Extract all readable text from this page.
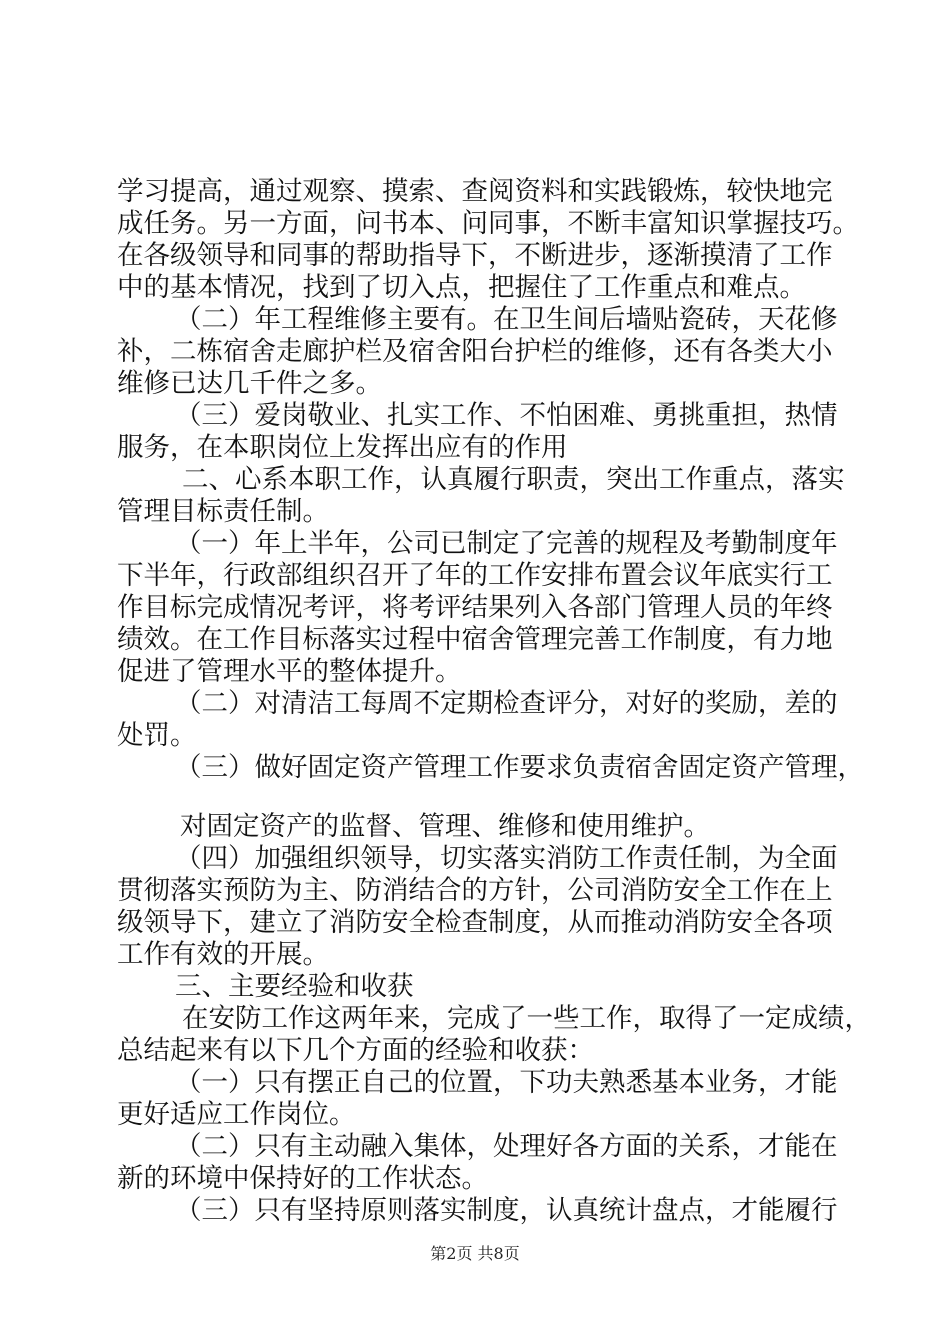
学习提高，通过观察、摸索、查阅资料和实践锻炼，较快地完
成任务。另一方面，问书本、问同事，不断丰富知识掌握技巧。
在各级领导和同事的帮助指导下，不断进步，逐渐摸清了工作
中的基本情况，找到了切入点，把握住了工作重点和难点。
（二）年工程维修主要有。在卫生间后墙贴瓷砖，天花修
补，二栋宿舍走廊护栏及宿舍阳台护栏的维修，还有各类大小
维修已达几千件之多。
（三）爱岗敬业、扎实工作、不怕困难、勇挑重担，热情
服务，在本职岗位上发挥出应有的作用
二、心系本职工作，认真履行职责，突出工作重点，落实
管理目标责任制。
（一）年上半年，公司已制定了完善的规程及考勤制度年
下半年，行政部组织召开了年的工作安排布置会议年底实行工
作目标完成情况考评，将考评结果列入各部门管理人员的年终
绩效。在工作目标落实过程中宿舍管理完善工作制度，有力地
促进了管理水平的整体提升。
（二）对清洁工每周不定期检查评分，对好的奖励，差的
处罚。
（三）做好固定资产管理工作要求负责宿舍固定资产管理，
对固定资产的监督、管理、维修和使用维护。
（四）加强组织领导，切实落实消防工作责任制，为全面
贯彻落实预防为主、防消结合的方针，公司消防安全工作在上
级领导下，建立了消防安全检查制度，从而推动消防安全各项
工作有效的开展。
三、主要经验和收获
在安防工作这两年来，完成了一些工作，取得了一定成绩，
总结起来有以下几个方面的经验和收获：
（一）只有摆正自己的位置，下功夫熟悉基本业务，才能
更好适应工作岗位。
（二）只有主动融入集体，处理好各方面的关系，才能在
新的环境中保持好的工作状态。
（三）只有坚持原则落实制度，认真统计盘点，才能履行
第2页 共8页
